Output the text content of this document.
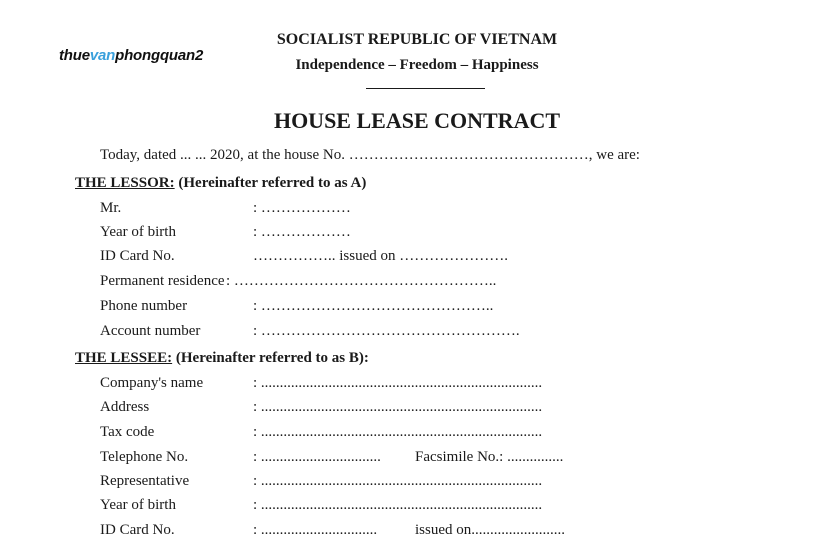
thuevanphongquan2
SOCIALIST REPUBLIC OF VIETNAM
Independence – Freedom – Happiness
HOUSE LEASE CONTRACT
Today, dated ... ... 2020, at the house No. …………………………………………, we are:
THE LESSOR: (Hereinafter referred to as A)
Mr.	: ………………
Year of birth	: ………………
ID Card No.	…………….. issued on ………………….
Permanent residence : ……………………………………………..
Phone number	: ………………………………………..
Account number	: …………………………………………….
THE LESSEE: (Hereinafter referred to as B):
Company's name	: ...........................................................................
Address	: ...........................................................................
Tax code	: ...........................................................................
Telephone No.	: ................................ Facsimile No.: ...............
Representative	: ...........................................................................
Year of birth	: ...........................................................................
ID Card No.	: ...............................	issued on.........................
